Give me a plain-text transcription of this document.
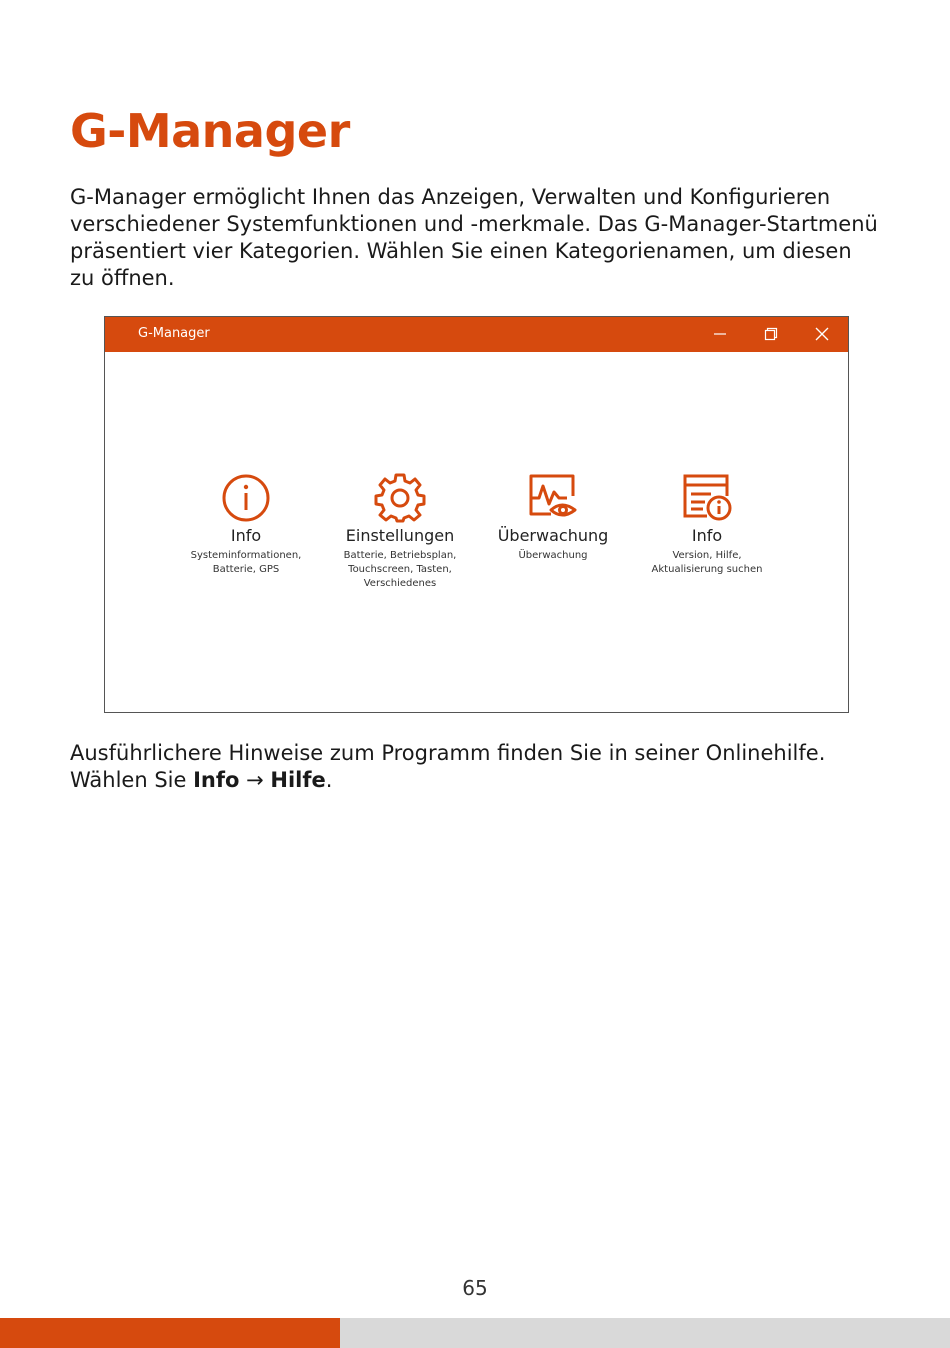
G-Manager
G-Manager ermöglicht Ihnen das Anzeigen, Verwalten und Konfigurieren
verschiedener Systemfunktionen und -merkmale. Das G-Manager-Startmenü
präsentiert vier Kategorien. Wählen Sie einen Kategorienamen, um diesen
zu öffnen.
G-Manager
Info
Systeminformationen,
Batterie, GPS
Einstellungen
Batterie, Betriebsplan,
Touchscreen, Tasten,
Verschiedenes
Überwachung
Überwachung
Info
Version, Hilfe,
Aktualisierung suchen
Ausführlichere Hinweise zum Programm finden Sie in seiner Onlinehilfe.
Wählen Sie Info → Hilfe.
65
